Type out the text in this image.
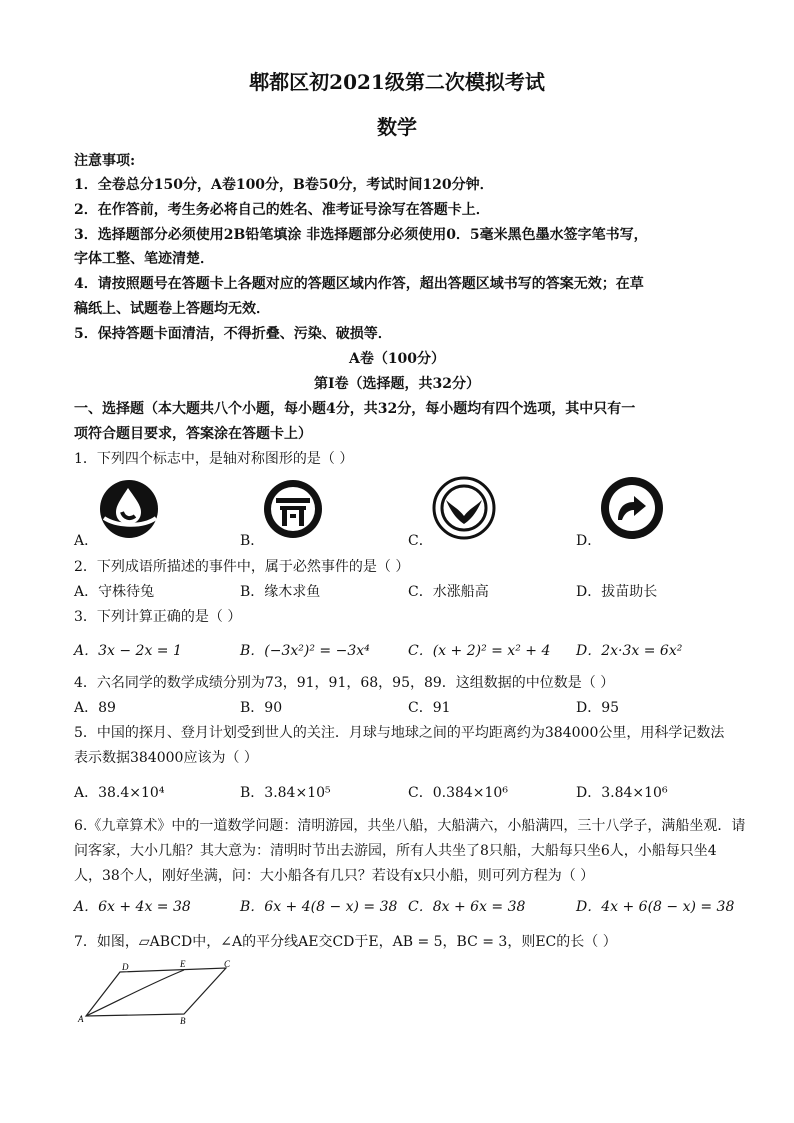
郫都区初2021级第二次模拟考试
数学
注意事项:
1．全卷总分150分，A卷100分，B卷50分，考试时间120分钟．
2．在作答前，考生务必将自己的姓名、准考证号涂写在答题卡上．
3．选择题部分必须使用2B铅笔填涂 非选择题部分必须使用0．5毫米黑色墨水签字笔书写，
字体工整、笔迹清楚．
4．请按照题号在答题卡上各题对应的答题区域内作答，超出答题区域书写的答案无效；在草
稿纸上、试题卷上答题均无效．
5．保持答题卡面清洁，不得折叠、污染、破损等．
A卷（100分）
第Ⅰ卷（选择题，共32分）
一、选择题（本大题共八个小题，每小题4分，共32分，每小题均有四个选项，其中只有一
项符合题目要求，答案涂在答题卡上）
1．下列四个标志中，是轴对称图形的是（ ）
A．	B．	C．	D．
2．下列成语所描述的事件中，属于必然事件的是（ ）
A．守株待兔	B．缘木求鱼	C．水涨船高	D．拔苗助长
3．下列计算正确的是（ ）
A．3x − 2x = 1	B．(−3x²)² = −3x⁴	C．(x + 2)² = x² + 4 D．2x·3x = 6x²
4．六名同学的数学成绩分别为73，91，91，68，95，89．这组数据的中位数是（ ）
A．89	B．90	C．91	D．95
5．中国的探月、登月计划受到世人的关注．月球与地球之间的平均距离约为384000公里，用科学记数法
表示数据384000应该为（ ）
A．38.4×10⁴	B．3.84×10⁵	C．0.384×10⁶	D．3.84×10⁶
6.《九章算术》中的一道数学问题：清明游园，共坐八船，大船满六，小船满四，三十八学子，满船坐观．请
问客家，大小几船？其大意为：清明时节出去游园，所有人共坐了8只船，大船每只坐6人，小船每只坐4
人，38个人，刚好坐满，问：大小船各有几只？若设有x只小船，则可列方程为（ ）
A．6x + 4x = 38	B．6x + 4(8 − x) = 38 C．8x + 6x = 38	D．4x + 6(8 − x) = 38
7．如图，▱ABCD中，∠A的平分线AE交CD于E，AB = 5，BC = 3，则EC的长（ ）
D	E	C
A	B
